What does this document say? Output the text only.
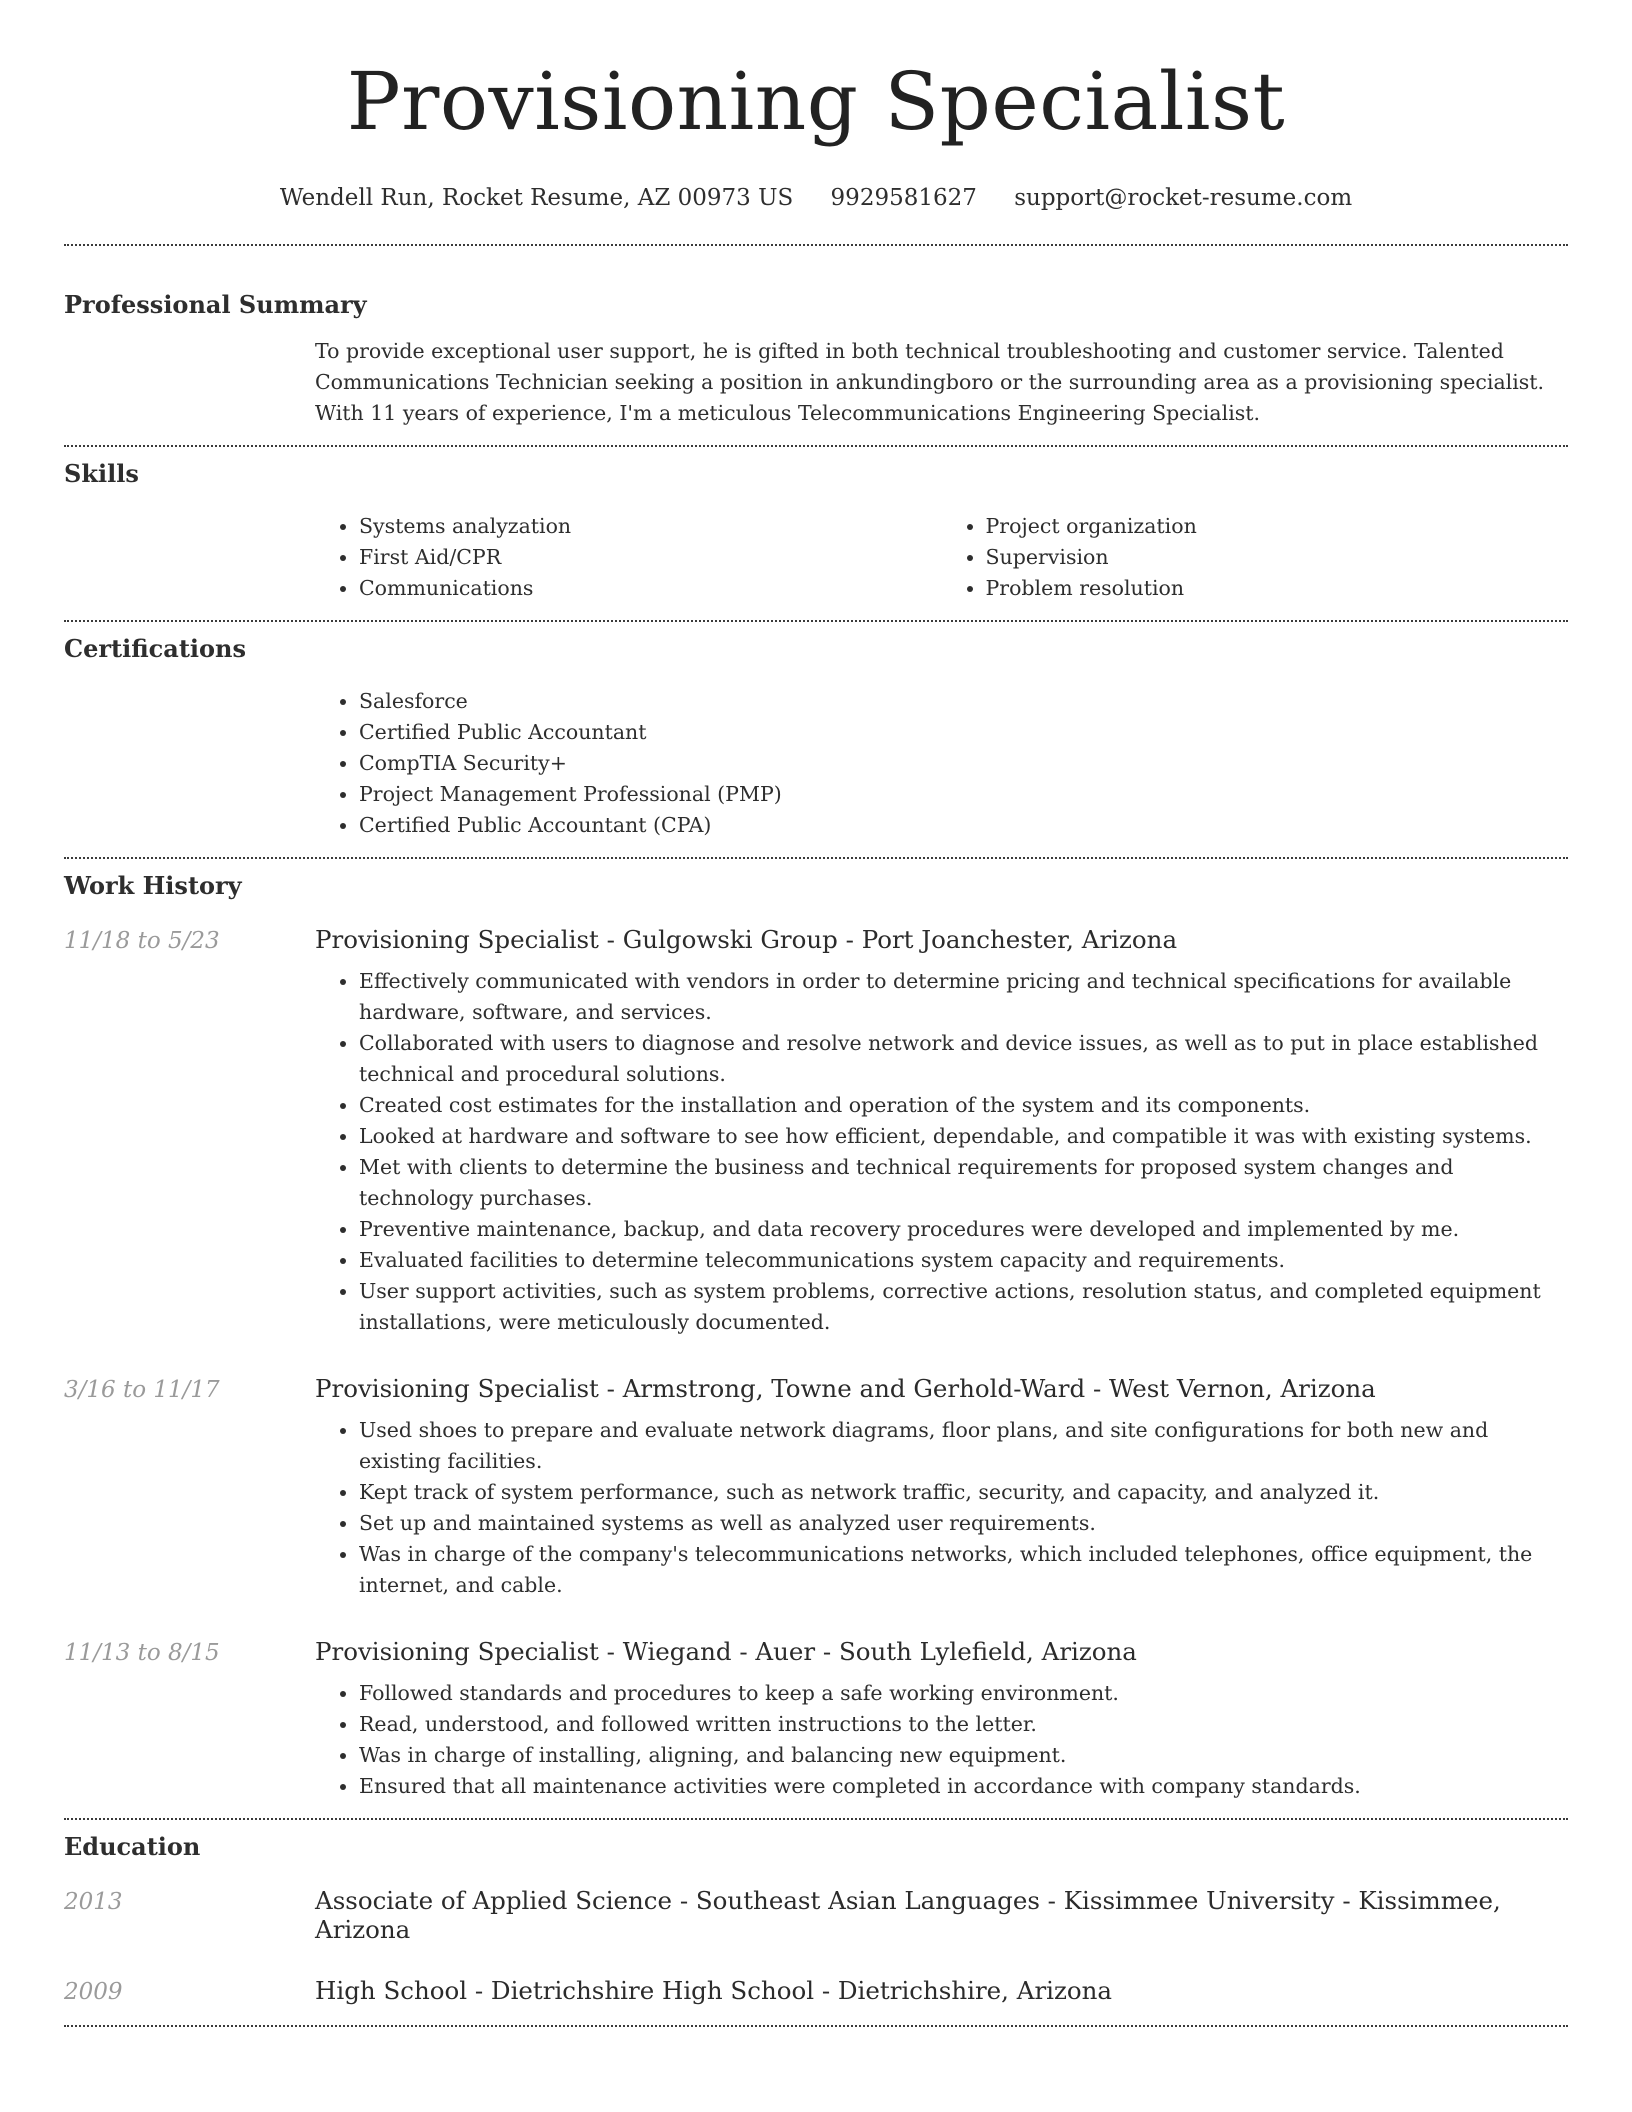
Provisioning Specialist
Wendell Run, Rocket Resume, AZ 00973 US 9929581627 support@rocket-resume.com
Professional Summary
To provide exceptional user support, he is gifted in both technical troubleshooting and customer service. Talented Communications Technician seeking a position in ankundingboro or the surrounding area as a provisioning specialist. With 11 years of experience, I'm a meticulous Telecommunications Engineering Specialist.
Skills
• Systems analyzation
• First Aid/CPR
• Communications
• Project organization
• Supervision
• Problem resolution
Certifications
• Salesforce
• Certified Public Accountant
• CompTIA Security+
• Project Management Professional (PMP)
• Certified Public Accountant (CPA)
Work History
11/18 to 5/23	Provisioning Specialist - Gulgowski Group - Port Joanchester, Arizona
• Effectively communicated with vendors in order to determine pricing and technical specifications for available hardware, software, and services.
• Collaborated with users to diagnose and resolve network and device issues, as well as to put in place established technical and procedural solutions.
• Created cost estimates for the installation and operation of the system and its components.
• Looked at hardware and software to see how efficient, dependable, and compatible it was with existing systems.
• Met with clients to determine the business and technical requirements for proposed system changes and technology purchases.
• Preventive maintenance, backup, and data recovery procedures were developed and implemented by me.
• Evaluated facilities to determine telecommunications system capacity and requirements.
• User support activities, such as system problems, corrective actions, resolution status, and completed equipment installations, were meticulously documented.
3/16 to 11/17	Provisioning Specialist - Armstrong, Towne and Gerhold-Ward - West Vernon, Arizona
• Used shoes to prepare and evaluate network diagrams, floor plans, and site configurations for both new and existing facilities.
• Kept track of system performance, such as network traffic, security, and capacity, and analyzed it.
• Set up and maintained systems as well as analyzed user requirements.
• Was in charge of the company's telecommunications networks, which included telephones, office equipment, the internet, and cable.
11/13 to 8/15	Provisioning Specialist - Wiegand - Auer - South Lylefield, Arizona
• Followed standards and procedures to keep a safe working environment.
• Read, understood, and followed written instructions to the letter.
• Was in charge of installing, aligning, and balancing new equipment.
• Ensured that all maintenance activities were completed in accordance with company standards.
Education
2013	Associate of Applied Science - Southeast Asian Languages - Kissimmee University - Kissimmee, Arizona
2009	High School - Dietrichshire High School - Dietrichshire, Arizona
